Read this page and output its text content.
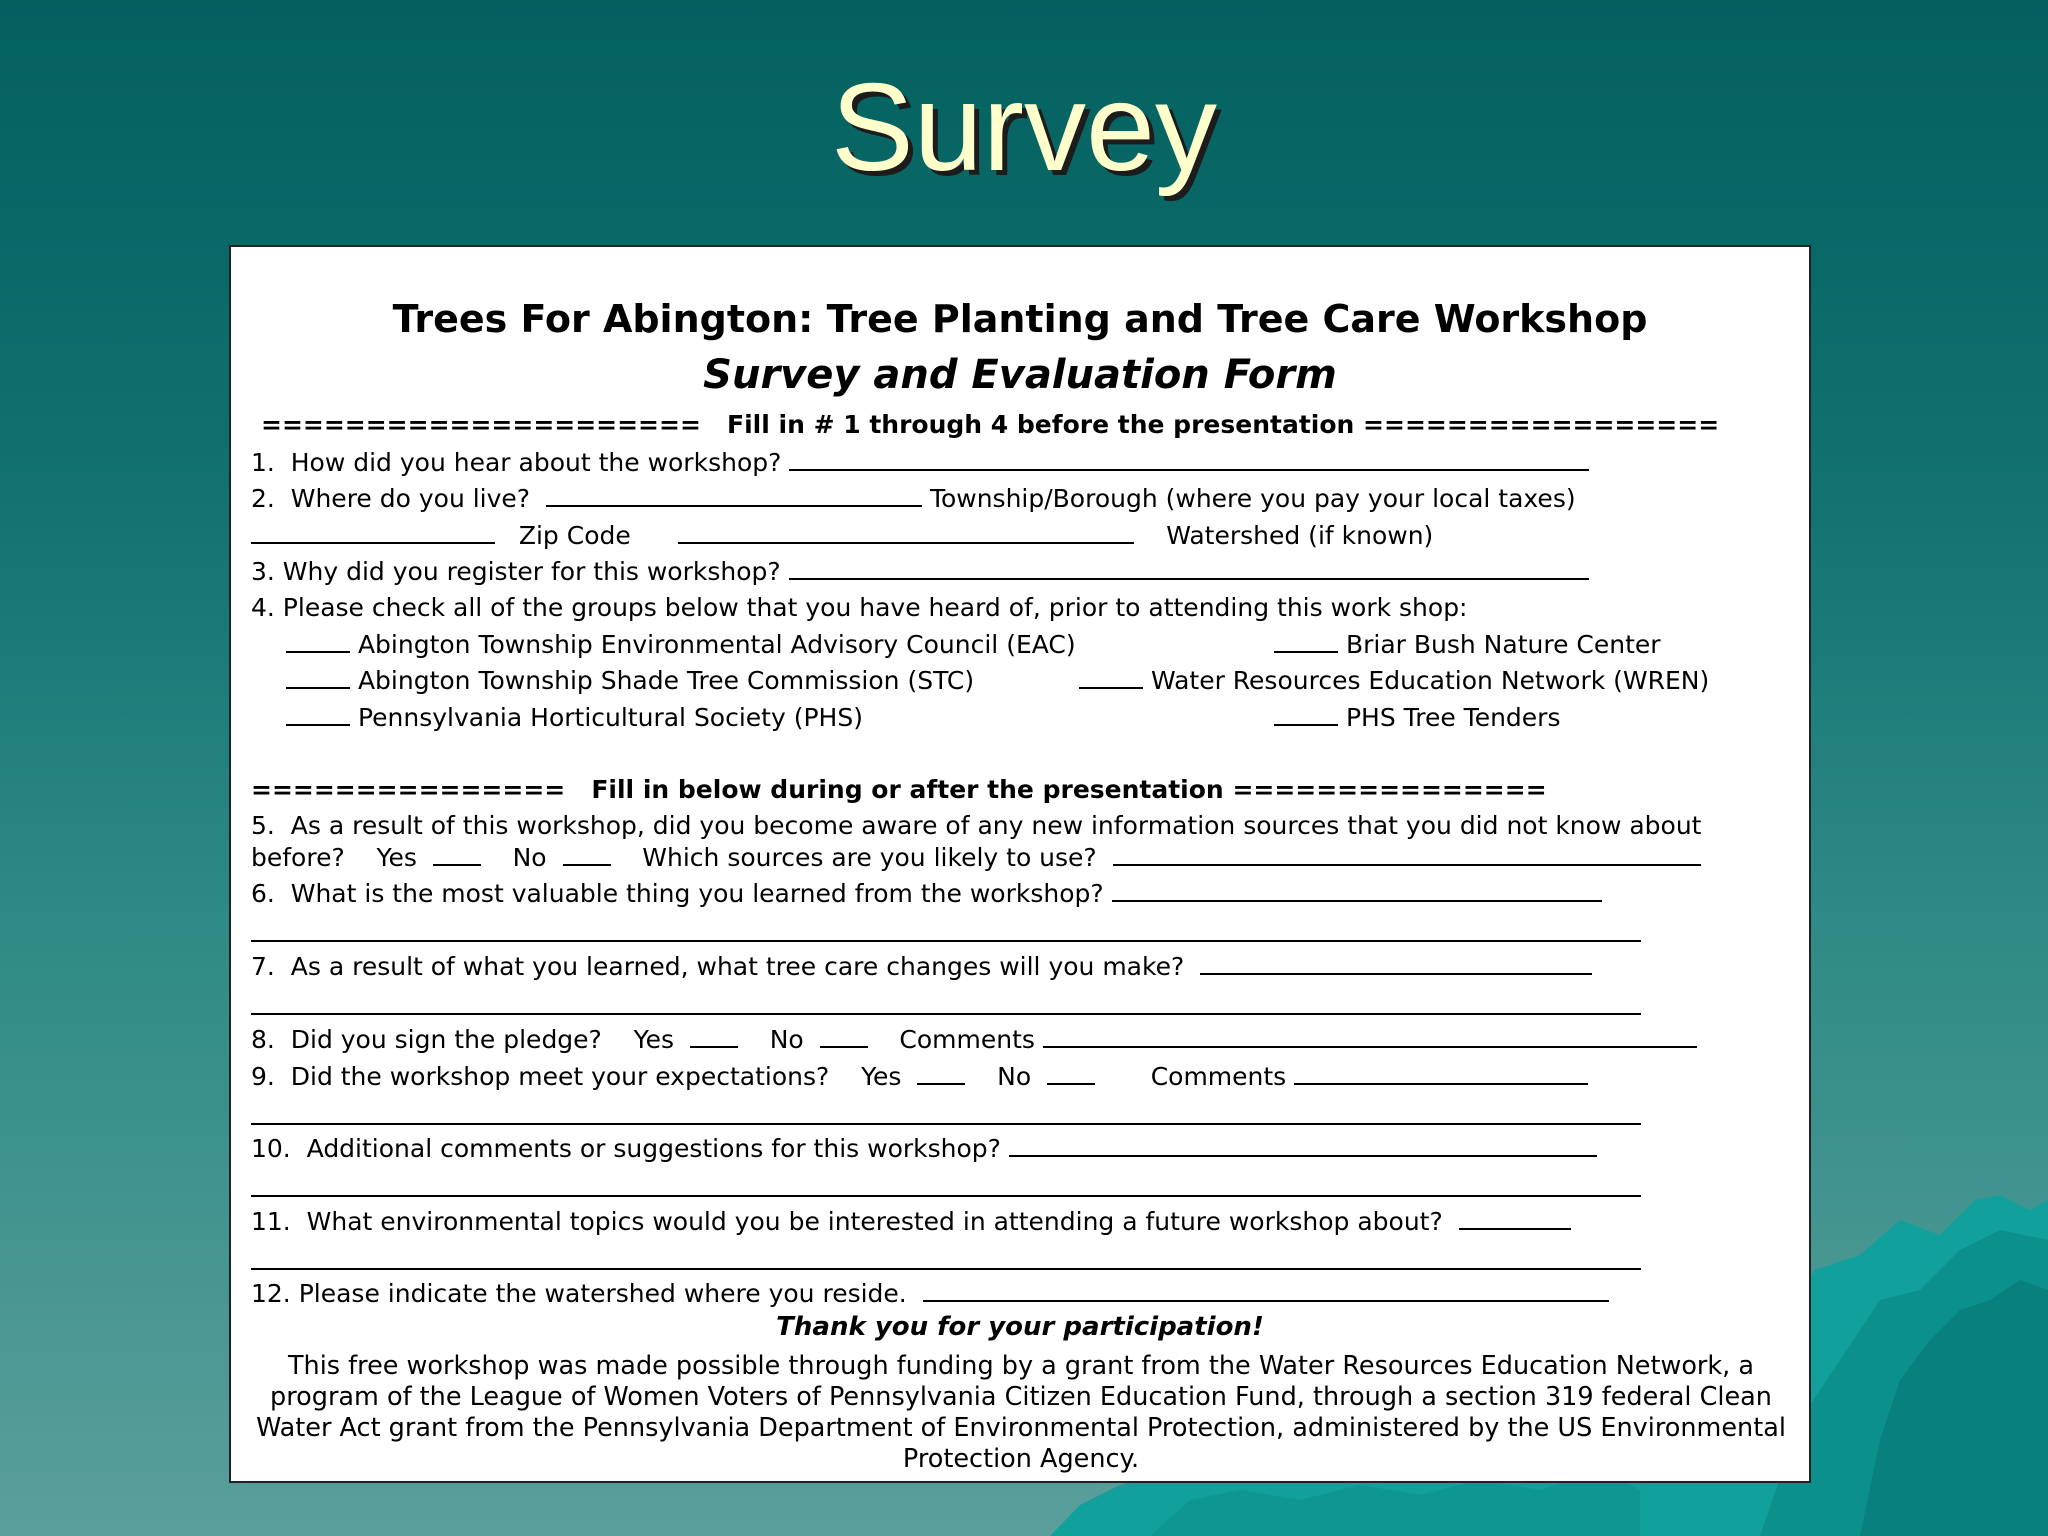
Survey
Trees For Abington: Tree Planting and Tree Care Workshop
Survey and Evaluation Form
===================== Fill in # 1 through 4 before the presentation =================
1.  How did you hear about the workshop?
2.  Where do you live?	Township/Borough (where you pay your local taxes)
Zip Code	Watershed (if known)
3. Why did you register for this workshop?
4. Please check all of the groups below that you have heard of, prior to attending this work shop:
Abington Township Environmental Advisory Council (EAC)	Briar Bush Nature Center
Abington Township Shade Tree Commission (STC)	Water Resources Education Network (WREN)
Pennsylvania Horticultural Society (PHS)	PHS Tree Tenders
=============== Fill in below during or after the presentation ===============
5.  As a result of this workshop, did you become aware of any new information sources that you did not know about
before? Yes	No	Which sources are you likely to use?
6.  What is the most valuable thing you learned from the workshop?
7.  As a result of what you learned, what tree care changes will you make?
8.  Did you sign the pledge? Yes	No	Comments
9.  Did the workshop meet your expectations? Yes	No	Comments
10.  Additional comments or suggestions for this workshop?
11.  What environmental topics would you be interested in attending a future workshop about?
12. Please indicate the watershed where you reside.
Thank you for your participation!
This free workshop was made possible through funding by a grant from the Water Resources Education Network, a program of the League of Women Voters of Pennsylvania Citizen Education Fund, through a section 319 federal Clean Water Act grant from the Pennsylvania Department of Environmental Protection, administered by the US Environmental Protection Agency.
